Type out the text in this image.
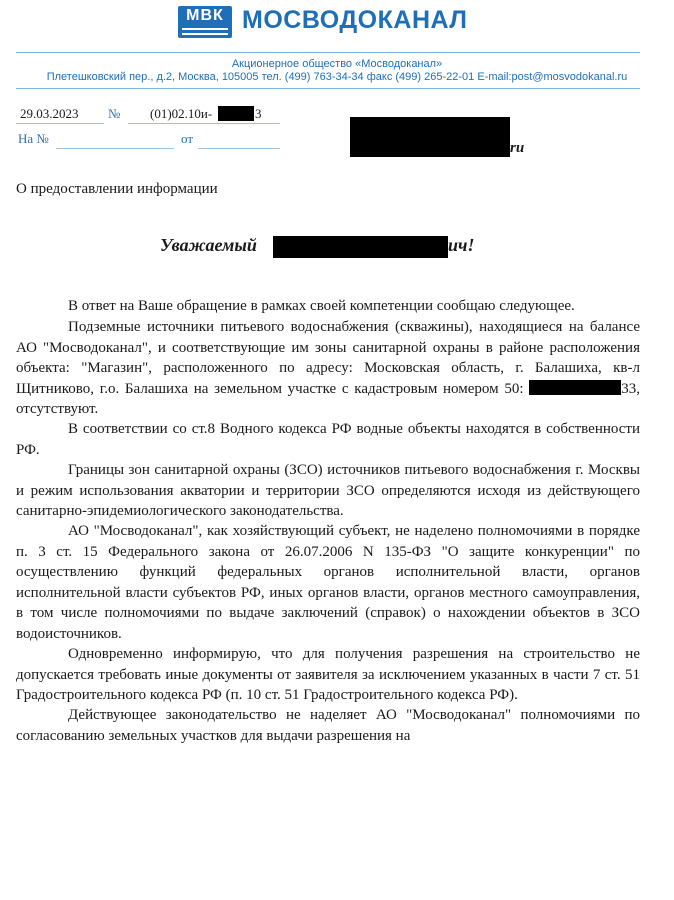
МВК МОСВОДОКАНАЛ
Акционерное общество «Мосводоканал»
Плетешковский пер., д.2, Москва, 105005 тел. (499) 763-34-34 факс (499) 265-22-01 E-mail:post@mosvodokanal.ru
29.03.2023 № (01)02.10и-	3
На №	от
ru
О предоставлении информации
Уважаемый	ич!
В ответ на Ваше обращение в рамках своей компетенции сообщаю следующее.
Подземные источники питьевого водоснабжения (скважины), находящиеся на балансе АО "Мосводоканал", и соответствующие им зоны санитарной охраны в районе расположения объекта: "Магазин", расположенного по адресу: Московская область, г. Балашиха, кв-л Щитниково, г.о. Балашиха на земельном участке с кадастровым номером 50:	33, отсутствуют.
В соответствии со ст.8 Водного кодекса РФ водные объекты находятся в собственности РФ.
Границы зон санитарной охраны (ЗСО) источников питьевого водоснабжения г. Москвы и режим использования акватории и территории ЗСО определяются исходя из действующего санитарно-эпидемиологического законодательства.
АО "Мосводоканал", как хозяйствующий субъект, не наделено полномочиями в порядке п. 3 ст. 15 Федерального закона от 26.07.2006 N 135-ФЗ "О защите конкуренции" по осуществлению функций федеральных органов исполнительной власти, органов исполнительной власти субъектов РФ, иных органов власти, органов местного самоуправления, в том числе полномочиями по выдаче заключений (справок) о нахождении объектов в ЗСО водоисточников.
Одновременно информирую, что для получения разрешения на строительство не допускается требовать иные документы от заявителя за исключением указанных в части 7 ст. 51 Градостроительного кодекса РФ (п. 10 ст. 51 Градостроительного кодекса РФ).
Действующее законодательство не наделяет АО "Мосводоканал" полномочиями по согласованию земельных участков для выдачи разрешения на
